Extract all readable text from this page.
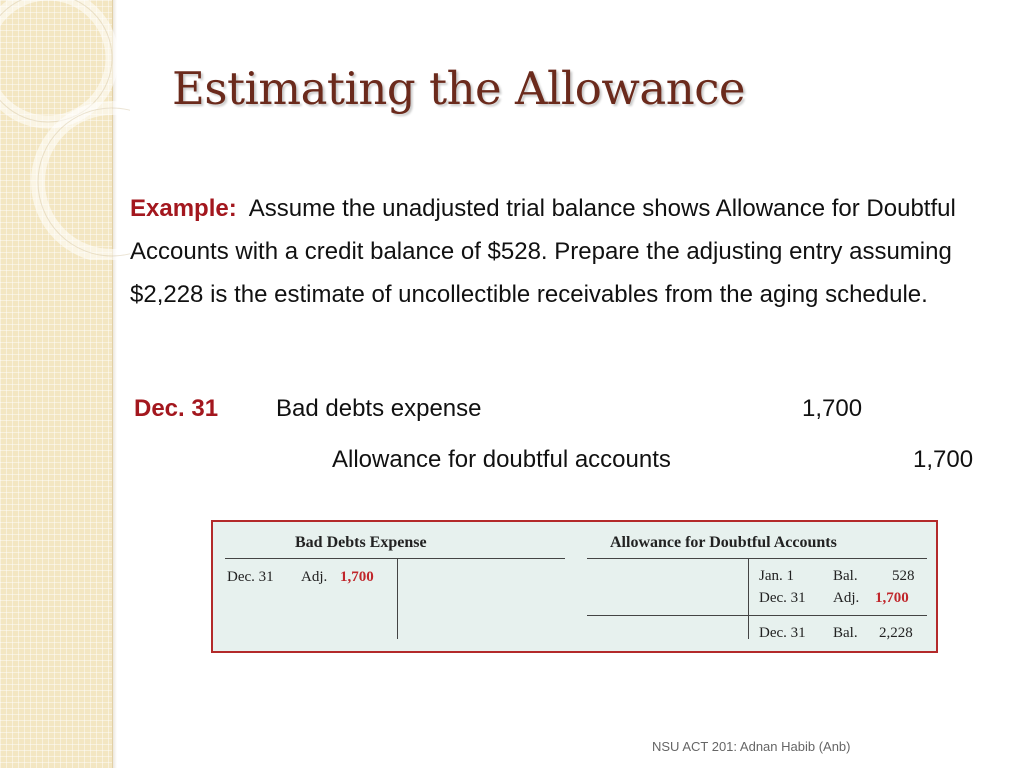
Estimating the Allowance
Example: Assume the unadjusted trial balance shows Allowance for Doubtful Accounts with a credit balance of $528. Prepare the adjusting entry assuming $2,228 is the estimate of uncollectible receivables from the aging schedule.
Dec. 31 Bad debts expense	1,700
Allowance for doubtful accounts	1,700
Bad Debts Expense
Dec. 31 Adj. 1,700
Allowance for Doubtful Accounts
Jan. 1	Bal. 528
Dec. 31 Adj. 1,700
Dec. 31 Bal. 2,228
NSU ACT 201: Adnan Habib (Anb)
